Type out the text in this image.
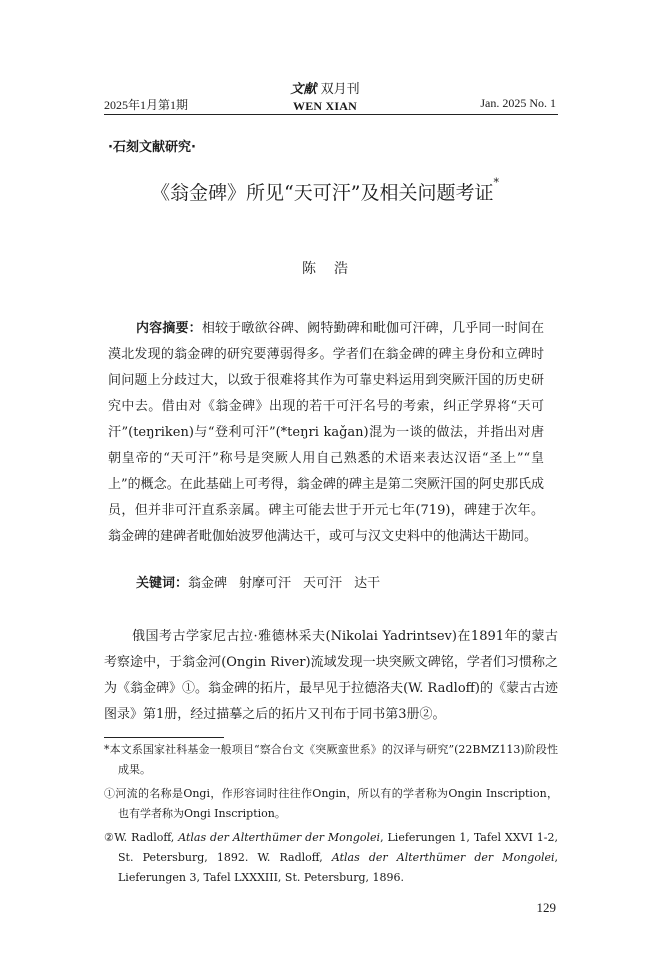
2025年1月第1期
文献 双月刊
WEN XIAN	Jan. 2025 No. 1
·石刻文献研究·
《翁金碑》所见“天可汗”及相关问题考证*
陈浩

内容摘要：相较于暾欲谷碑、阙特勤碑和毗伽可汗碑，几乎同一时间在漠北发现的翁金碑的研究要薄弱得多。学者们在翁金碑的碑主身份和立碑时间问题上分歧过大，以致于很难将其作为可靠史料运用到突厥汗国的历史研究中去。借由对《翁金碑》出现的若干可汗名号的考索，纠正学界将“天可汗”(teŋriken)与“登利可汗”(*teŋri kaǧan)混为一谈的做法，并指出对唐朝皇帝的“天可汗”称号是突厥人用自己熟悉的术语来表达汉语“圣上”“皇上”的概念。在此基础上可考得，翁金碑的碑主是第二突厥汗国的阿史那氏成员，但并非可汗直系亲属。碑主可能去世于开元七年(719)，碑建于次年。翁金碑的建碑者毗伽始波罗他满达干，或可与汉文史料中的他满达干勘同。

关键词：翁金碑 射摩可汗 天可汗 达干

俄国考古学家尼古拉·雅德林采夫(Nikolai Yadrintsev)在1891年的蒙古考察途中，于翁金河(Ongin River)流域发现一块突厥文碑铭，学者们习惯称之为《翁金碑》①。翁金碑的拓片，最早见于拉德洛夫(W. Radloff)的《蒙古古迹图录》第1册，经过描摹之后的拓片又刊布于同书第3册②。

*本文系国家社科基金一般项目“察合台文《突厥蛮世系》的汉译与研究”(22BMZ113)阶段性成果。

①河流的名称是Ongi，作形容词时往往作Ongin，所以有的学者称为Ongin Inscription，也有学者称为Ongi Inscription。

②W. Radloff, Atlas der Alterthümer der Mongolei, Lieferungen 1, Tafel XXVI 1-2, St. Petersburg, 1892. W. Radloff, Atlas der Alterthümer der Mongolei, Lieferungen 3, Tafel LXXXIII, St. Petersburg, 1896.

129
